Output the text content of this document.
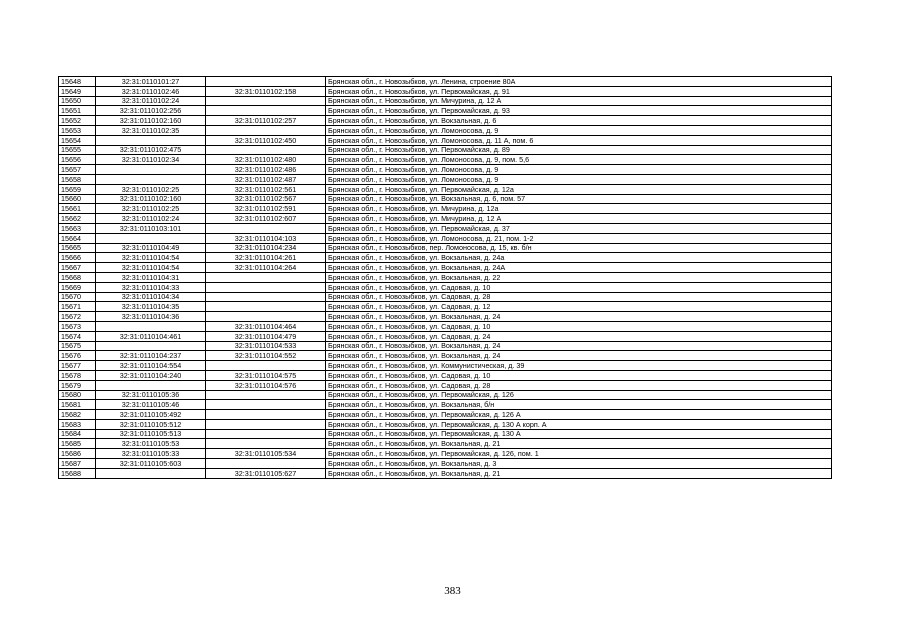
15648	32:31:0110101:27		Брянская обл., г. Новозыбков, ул. Ленина, строение 80А
15649	32:31:0110102:46	32:31:0110102:158	Брянская обл., г. Новозыбков, ул. Первомайская, д. 91
15650	32:31:0110102:24		Брянская обл., г. Новозыбков, ул. Мичурина, д. 12 А
15651	32:31:0110102:256		Брянская обл., г. Новозыбков, ул. Первомайская, д. 93
15652	32:31:0110102:160	32:31:0110102:257	Брянская обл., г. Новозыбков, ул. Вокзальная, д. 6
15653	32:31:0110102:35		Брянская обл., г. Новозыбков, ул. Ломоносова, д. 9
15654		32:31:0110102:450	Брянская обл., г. Новозыбков, ул. Ломоносова, д. 11 А, пом. 6
15655	32:31:0110102:475		Брянская обл., г. Новозыбков, ул. Первомайская, д. 89
15656	32:31:0110102:34	32:31:0110102:480	Брянская обл., г. Новозыбков, ул. Ломоносова, д. 9, пом. 5,6
15657		32:31:0110102:486	Брянская обл., г. Новозыбков, ул. Ломоносова, д. 9
15658		32:31:0110102:487	Брянская обл., г. Новозыбков, ул. Ломоносова, д. 9
15659	32:31:0110102:25	32:31:0110102:561	Брянская обл., г. Новозыбков, ул. Первомайская, д. 12а
15660	32:31:0110102:160	32:31:0110102:567	Брянская обл., г. Новозыбков, ул. Вокзальная, д. 6, пом. 57
15661	32:31:0110102:25	32:31:0110102:591	Брянская обл., г. Новозыбков, ул. Мичурина, д. 12а
15662	32:31:0110102:24	32:31:0110102:607	Брянская обл., г. Новозыбков, ул. Мичурина, д. 12 А
15663	32:31:0110103:101		Брянская обл., г. Новозыбков, ул. Первомайская, д. 37
15664		32:31:0110104:103	Брянская обл., г. Новозыбков, ул. Ломоносова, д. 21, пом. 1-2
15665	32:31:0110104:49	32:31:0110104:234	Брянская обл., г. Новозыбков, пер. Ломоносова, д. 15, кв. б/н
15666	32:31:0110104:54	32:31:0110104:261	Брянская обл., г. Новозыбков, ул. Вокзальная, д. 24а
15667	32:31:0110104:54	32:31:0110104:264	Брянская обл., г. Новозыбков, ул. Вокзальная, д. 24А
15668	32:31:0110104:31		Брянская обл., г. Новозыбков, ул. Вокзальная, д. 22
15669	32:31:0110104:33		Брянская обл., г. Новозыбков, ул. Садовая, д. 10
15670	32:31:0110104:34		Брянская обл., г. Новозыбков, ул. Садовая, д. 28
15671	32:31:0110104:35		Брянская обл., г. Новозыбков, ул. Садовая, д. 12
15672	32:31:0110104:36		Брянская обл., г. Новозыбков, ул. Вокзальная, д. 24
15673		32:31:0110104:464	Брянская обл., г. Новозыбков, ул. Садовая, д. 10
15674	32:31:0110104:461	32:31:0110104:479	Брянская обл., г. Новозыбков, ул. Садовая, д. 24
15675		32:31:0110104:533	Брянская обл., г. Новозыбков, ул. Вокзальная, д. 24
15676	32:31:0110104:237	32:31:0110104:552	Брянская обл., г. Новозыбков, ул. Вокзальная, д. 24
15677	32:31:0110104:554		Брянская обл., г. Новозыбков, ул. Коммунистическая, д. 39
15678	32:31:0110104:240	32:31:0110104:575	Брянская обл., г. Новозыбков, ул. Садовая, д. 10
15679		32:31:0110104:576	Брянская обл., г. Новозыбков, ул. Садовая, д. 28
15680	32:31:0110105:36		Брянская обл., г. Новозыбков, ул. Первомайская, д. 126
15681	32:31:0110105:46		Брянская обл., г. Новозыбков, ул. Вокзальная, б/н
15682	32:31:0110105:492		Брянская обл., г. Новозыбков, ул. Первомайская, д. 126 А
15683	32:31:0110105:512		Брянская обл., г. Новозыбков, ул. Первомайская, д. 130 А корп. А
15684	32:31:0110105:513		Брянская обл., г. Новозыбков, ул. Первомайская, д. 130 А
15685	32:31:0110105:53		Брянская обл., г. Новозыбков, ул. Вокзальная, д. 21
15686	32:31:0110105:33	32:31:0110105:534	Брянская обл., г. Новозыбков, ул. Первомайская, д. 126, пом. 1
15687	32:31:0110105:603		Брянская обл., г. Новозыбков, ул. Вокзальная, д. 3
15688		32:31:0110105:627	Брянская обл., г. Новозыбков, ул. Вокзальная, д. 21
383
